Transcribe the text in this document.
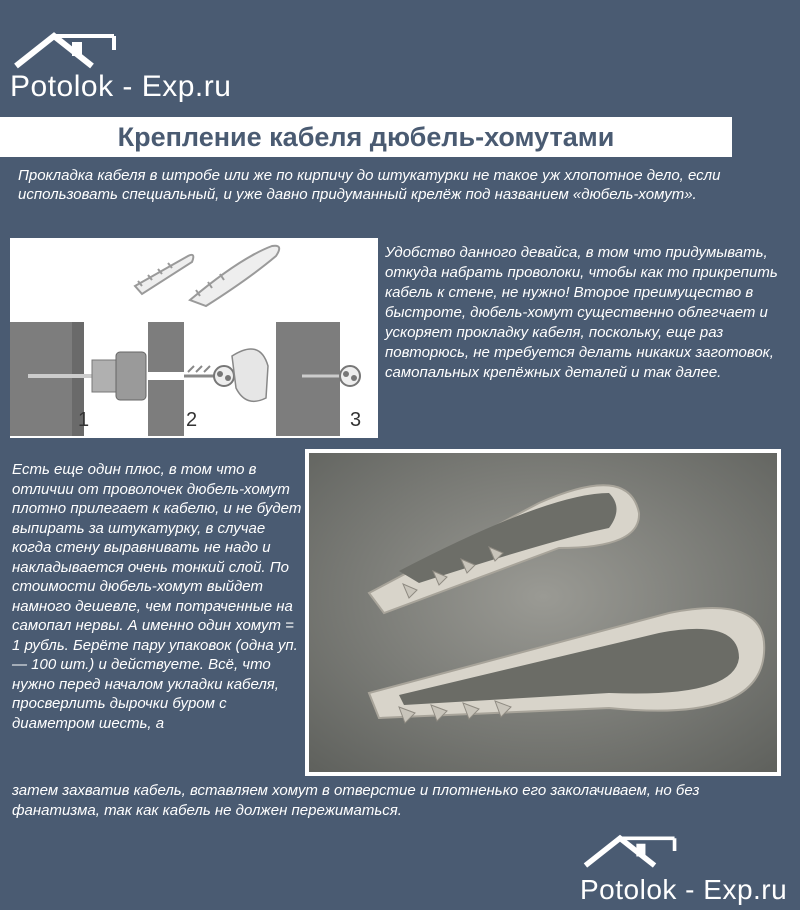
Potolok - Exp.ru
Крепление кабеля дюбель-хомутами

Прокладка кабеля в штробе или же по кирпичу до штукатурки не такое уж хлопотное дело, если использовать специальный, и уже давно придуманный крелёж под названием «дюбель-хомут».

1	2	3

Удобство данного девайса, в том что придумывать, откуда набрать проволоки, чтобы как то прикрепить кабель к стене, не нужно! Второе преимущество в быстроте, дюбель-хомут существенно облегчает и ускоряет прокладку кабеля, поскольку, еще раз повторюсь, не требуется делать никаких заготовок, самопальных крепёжных деталей и так далее.

Есть еще один плюс, в том что в отличии от проволочек дюбель-хомут плотно прилегает к кабелю, и не будет выпирать за штукатурку, в случае когда стену выравнивать не надо и накладывается очень тонкий слой. По стоимости дюбель-хомут выйдет намного дешевле, чем потраченные на самопал нервы. А именно один хомут = 1 рубль. Берёте пару упаковок (одна уп. — 100 шт.) и действуете. Всё, что нужно перед началом укладки кабеля, просверлить дырочки буром с диаметром шесть, а

затем захватив кабель, вставляем хомут в отверстие и плотненько его заколачиваем, но без фанатизма, так как кабель не должен пережиматься.

Potolok - Exp.ru
